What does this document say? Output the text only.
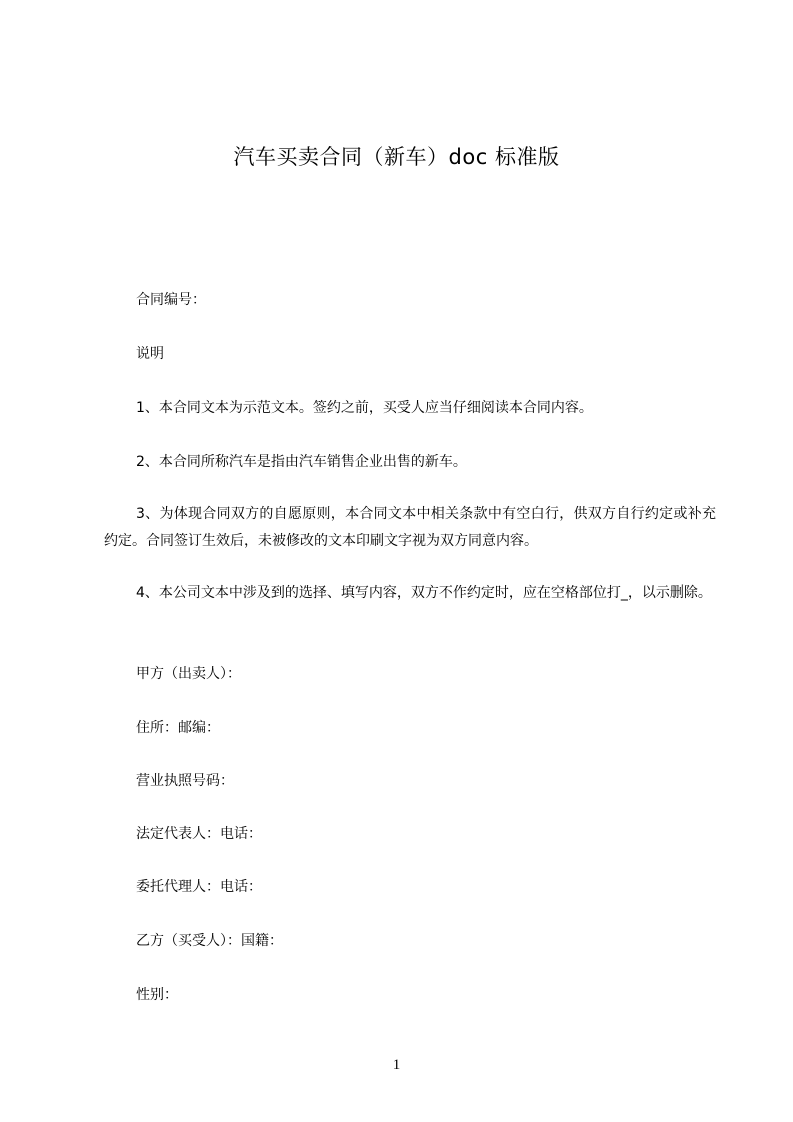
汽车买卖合同（新车）doc 标准版

合同编号：

说明

1、本合同文本为示范文本。签约之前，买受人应当仔细阅读本合同内容。

2、本合同所称汽车是指由汽车销售企业出售的新车。

3、为体现合同双方的自愿原则，本合同文本中相关条款中有空白行，供双方自行约定或补充约定。合同签订生效后，未被修改的文本印刷文字视为双方同意内容。

4、本公司文本中涉及到的选择、填写内容，双方不作约定时，应在空格部位打_，以示删除。

甲方（出卖人）：

住所：邮编：

营业执照号码：

法定代表人：电话：

委托代理人：电话：

乙方（买受人）：国籍：

性别：

1
